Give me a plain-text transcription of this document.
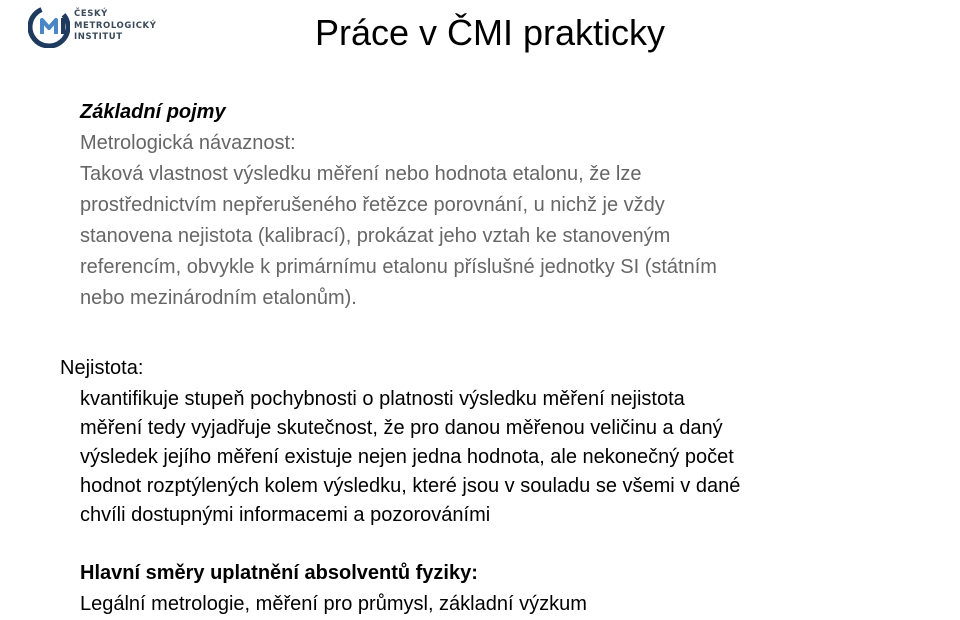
ČESKÝ
METROLOGICKÝ
INSTITUT	Práce v ČMI prakticky
Základní pojmy
Metrologická návaznost:
Taková vlastnost výsledku měření nebo hodnota etalonu, že lze
prostřednictvím nepřerušeného řetězce porovnání, u nichž je vždy
stanovena nejistota (kalibrací), prokázat jeho vztah ke stanoveným
referencím, obvykle k primárnímu etalonu příslušné jednotky SI (státním
nebo mezinárodním etalonům).
Nejistota:
kvantifikuje stupeň pochybnosti o platnosti výsledku měření nejistota
měření tedy vyjadřuje skutečnost, že pro danou měřenou veličinu a daný
výsledek jejího měření existuje nejen jedna hodnota, ale nekonečný počet
hodnot rozptýlených kolem výsledku, které jsou v souladu se všemi v dané
chvíli dostupnými informacemi a pozorováními
Hlavní směry uplatnění absolventů fyziky:
Legální metrologie, měření pro průmysl, základní výzkum
